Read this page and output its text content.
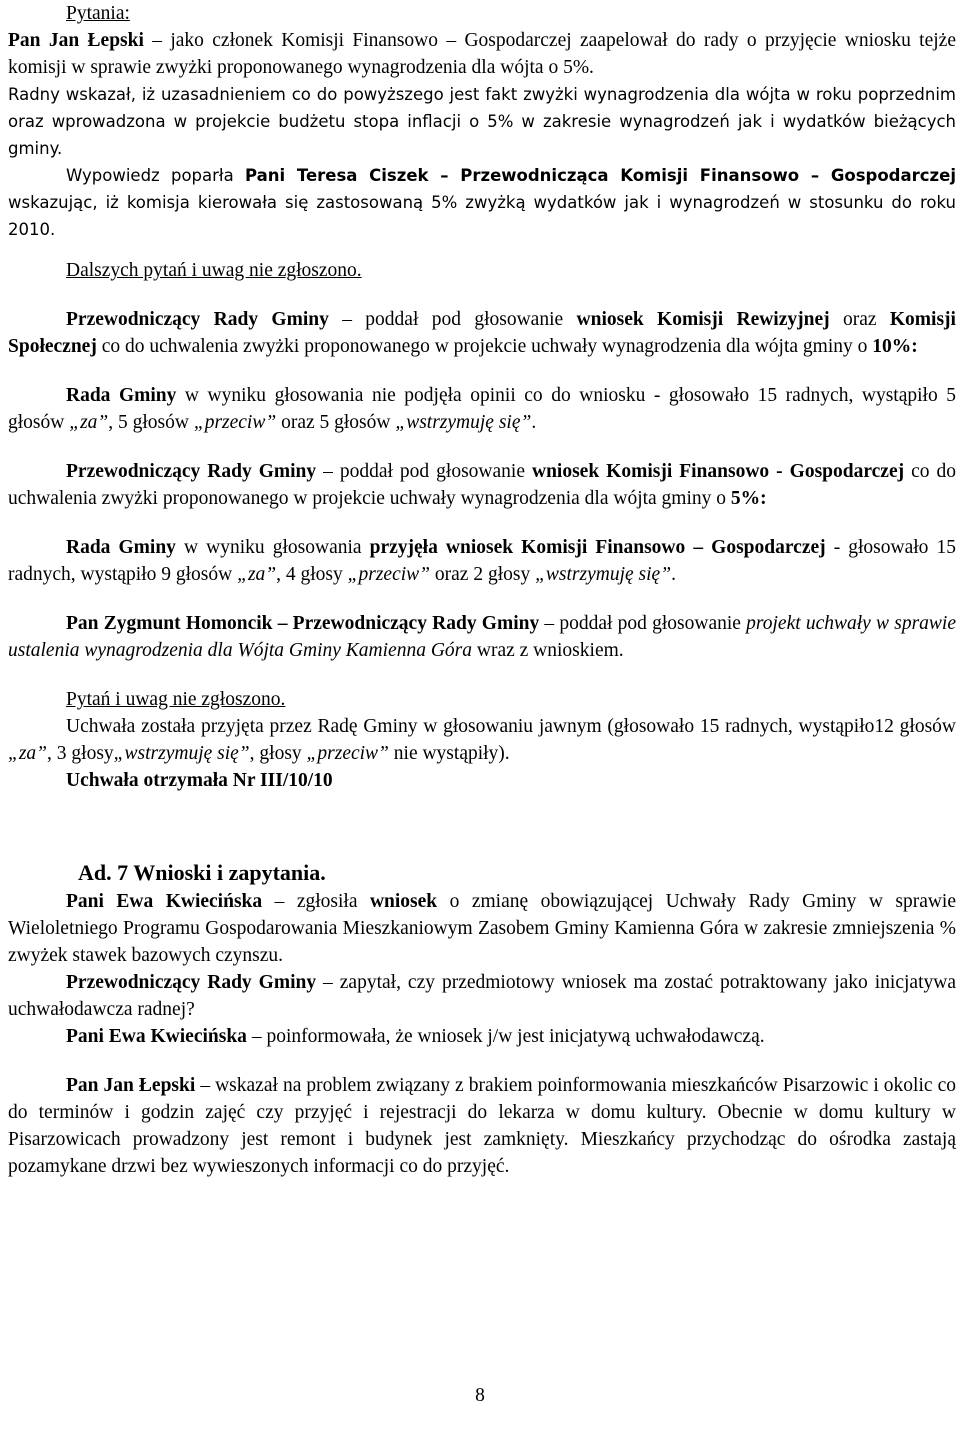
Pytania:
Pan Jan Łepski – jako członek Komisji Finansowo – Gospodarczej zaapelował do rady o przyjęcie wniosku tejże komisji w sprawie zwyżki proponowanego wynagrodzenia dla wójta o 5%.

Radny wskazał, iż uzasadnieniem co do powyższego jest fakt zwyżki wynagrodzenia dla wójta w roku poprzednim oraz wprowadzona w projekcie budżetu stopa inflacji o 5% w zakresie wynagrodzeń jak i wydatków bieżących gminy.

Wypowiedz poparła Pani Teresa Ciszek – Przewodnicząca Komisji Finansowo – Gospodarczej wskazując, iż komisja kierowała się zastosowaną 5% zwyżką wydatków jak i wynagrodzeń w stosunku do roku 2010.

Dalszych pytań i uwag nie zgłoszono.

Przewodniczący Rady Gminy – poddał pod głosowanie wniosek Komisji Rewizyjnej oraz Komisji Społecznej co do uchwalenia zwyżki proponowanego w projekcie uchwały wynagrodzenia dla wójta gminy o 10%:

Rada Gminy w wyniku głosowania nie podjęła opinii co do wniosku - głosowało 15 radnych, wystąpiło 5 głosów „za”, 5 głosów „przeciw” oraz 5 głosów „wstrzymuję się”.

Przewodniczący Rady Gminy – poddał pod głosowanie wniosek Komisji Finansowo - Gospodarczej co do uchwalenia zwyżki proponowanego w projekcie uchwały wynagrodzenia dla wójta gminy o 5%:

Rada Gminy w wyniku głosowania przyjęła wniosek Komisji Finansowo – Gospodarczej - głosowało 15 radnych, wystąpiło 9 głosów „za”, 4 głosy „przeciw” oraz 2 głosy „wstrzymuję się”.

Pan Zygmunt Homoncik – Przewodniczący Rady Gminy – poddał pod głosowanie projekt uchwały w sprawie ustalenia wynagrodzenia dla Wójta Gminy Kamienna Góra wraz z wnioskiem.

Pytań i uwag nie zgłoszono.

Uchwała została przyjęta przez Radę Gminy w głosowaniu jawnym (głosowało 15 radnych, wystąpiło12 głosów „za”, 3 głosy„wstrzymuję się”, głosy „przeciw” nie wystąpiły).

Uchwała otrzymała Nr III/10/10

Ad. 7 Wnioski i zapytania.

Pani Ewa Kwiecińska – zgłosiła wniosek o zmianę obowiązującej Uchwały Rady Gminy w sprawie Wieloletniego Programu Gospodarowania Mieszkaniowym Zasobem Gminy Kamienna Góra w zakresie zmniejszenia % zwyżek stawek bazowych czynszu.

Przewodniczący Rady Gminy – zapytał, czy przedmiotowy wniosek ma zostać potraktowany jako inicjatywa uchwałodawcza radnej?

Pani Ewa Kwiecińska – poinformowała, że wniosek j/w jest inicjatywą uchwałodawczą.

Pan Jan Łepski – wskazał na problem związany z brakiem poinformowania mieszkańców Pisarzowic i okolic co do terminów i godzin zajęć czy przyjęć i rejestracji do lekarza w domu kultury. Obecnie w domu kultury w Pisarzowicach prowadzony jest remont i budynek jest zamknięty. Mieszkańcy przychodząc do ośrodka zastają pozamykane drzwi bez wywieszonych informacji co do przyjęć.

8
